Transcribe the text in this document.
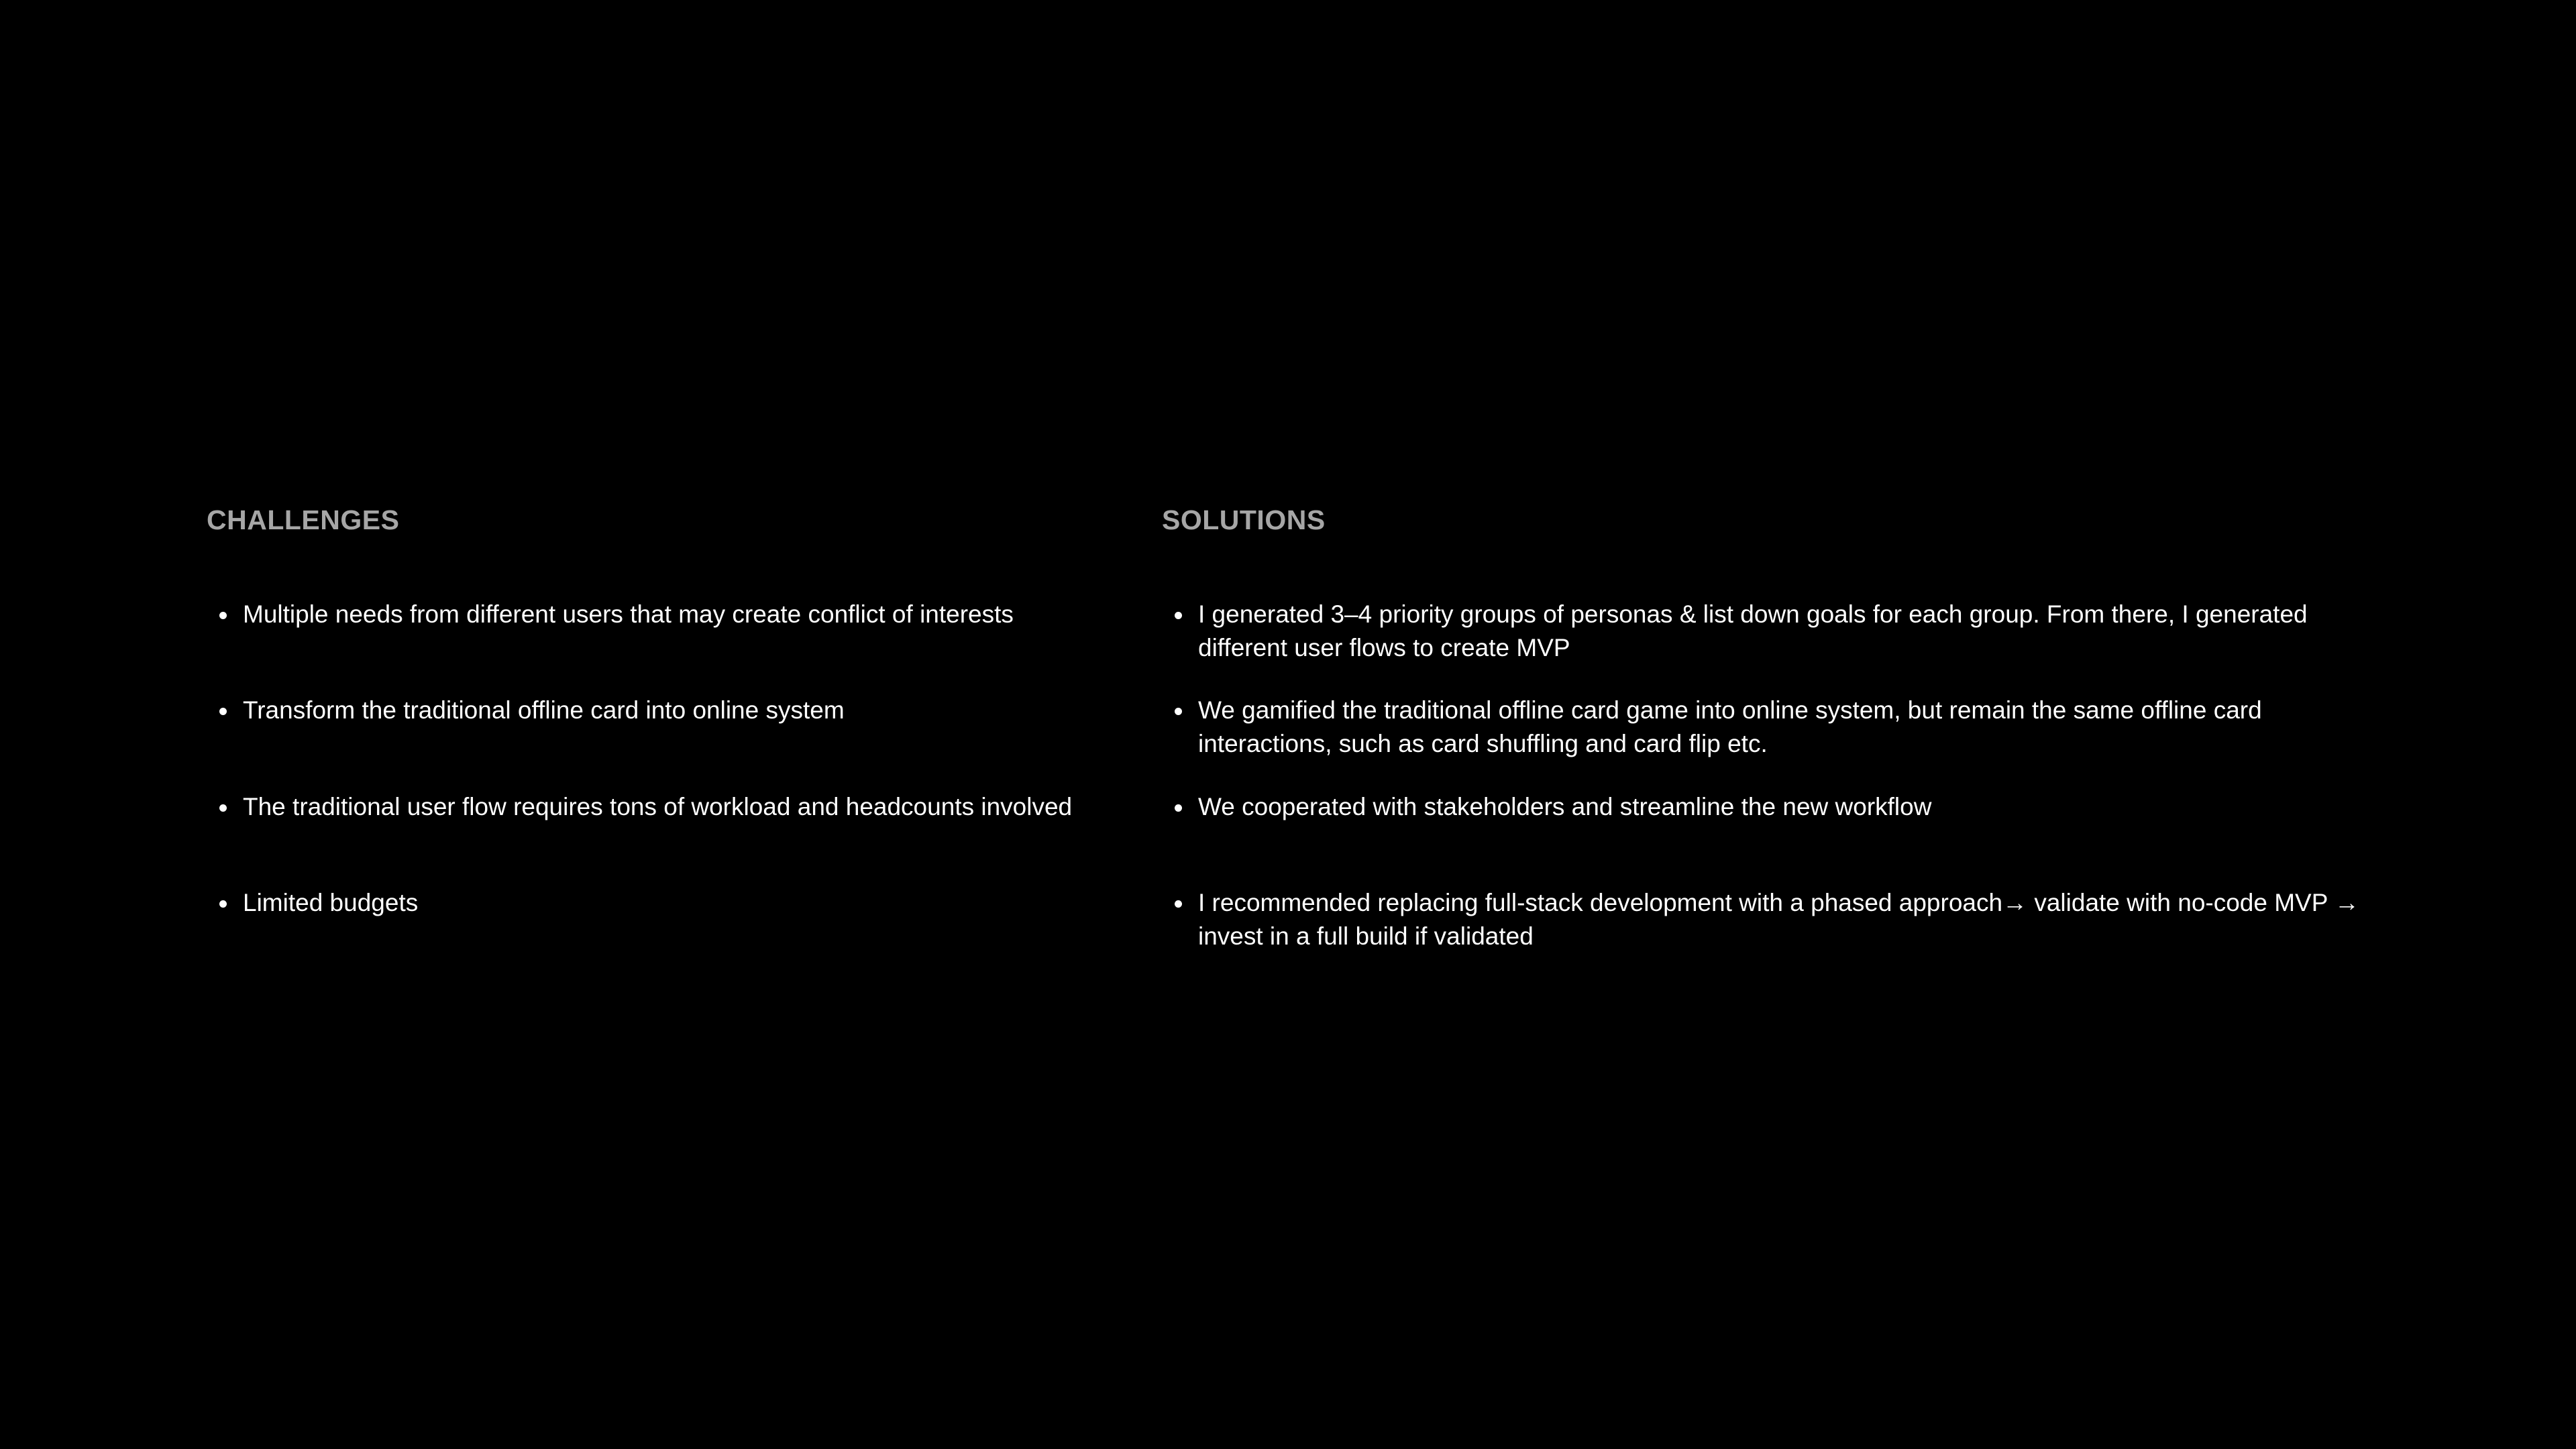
CHALLENGES
Multiple needs from different users that may create conflict of interests
Transform the traditional offline card into online system
The traditional user flow requires tons of workload and headcounts involved
Limited budgets
SOLUTIONS
I generated 3–4 priority groups of personas & list down goals for each group. From there, I generated different user flows to create MVP
We gamified the traditional offline card game into online system, but remain the same offline card interactions, such as card shuffling and card flip etc.
We cooperated with stakeholders and streamline the new workflow
I recommended replacing full-stack development with a phased approach→ validate with no-code MVP → invest in a full build if validated
